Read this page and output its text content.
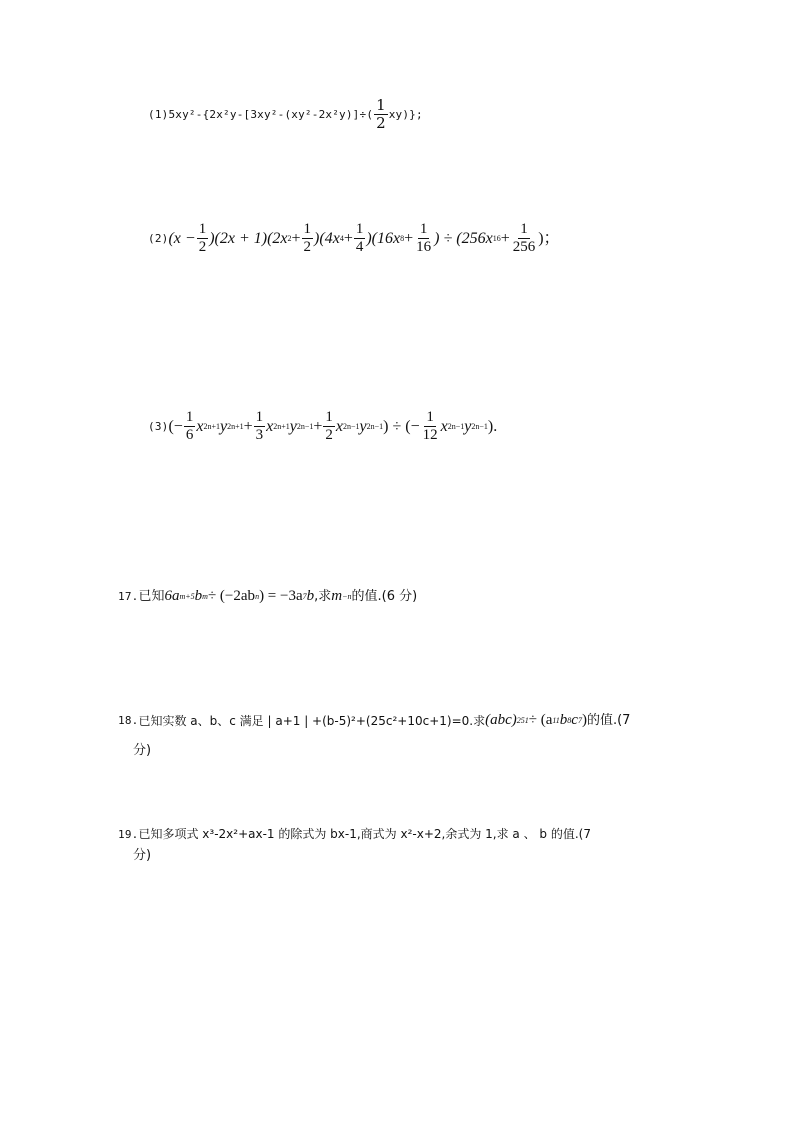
$(1)5xy^2-\{2x^2y-[3xy^2-(xy^2-2x^2y)]\div( \frac{1}{2} xy)\}$;
(2) $(x - \frac{1}{2} )(2x + 1)(2x$ $2 + \frac{1}{2} )(4x$ $4 + \frac{1}{4} )(16x$ $8 + \frac{1}{16}$ ) ÷ (256x $16 + \frac{1}{256}$ )；
(3) (− $\frac{1}{6}$ x 2n+1 y $2n+1 + \frac{1}{3}$ x 2n+1 y $2n-1 + \frac{1}{2}$ x 2n−1 y 2n−1 ) ÷ (− $\frac{1}{12}$ x 2n−1 y 2n−1 ).
17. 已知 6a m+5 b m ÷ (−2ab n ) = −3a 7 b ,求 m −n 的值.(6 分)
18. 已知实数 a、b、c 满足 | a+1 | +(b-5)²+(25c²+10c+1)=0.求 (abc) 251 ÷ (a 11 b 8 c 7 ) 的值.(7
分)
19. 已知多项式 x³-2x²+ax-1 的除式为 bx-1,商式为 x²-x+2,余式为 1,求 a 、 b 的值.(7
分)
